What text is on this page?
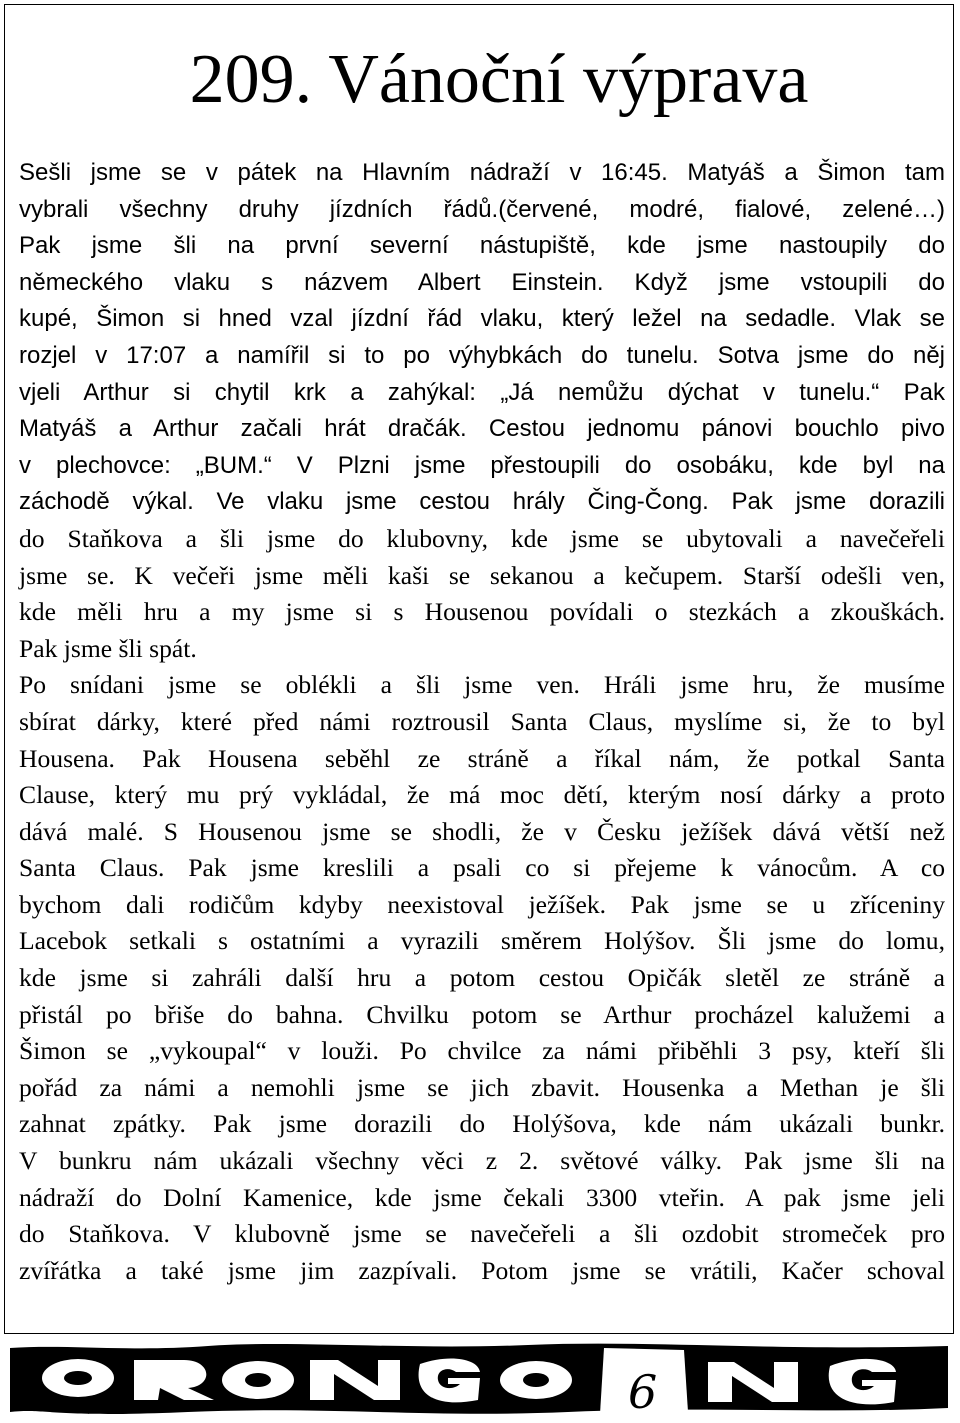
209. Vánoční výprava
Sešli jsme se v pátek na Hlavním nádraží v 16:45. Matyáš a Šimon tam
vybrali všechny druhy jízdních řádů.(červené, modré, fialové, zelené…)
Pak jsme šli na první severní nástupiště, kde jsme nastoupily do
německého vlaku s názvem Albert Einstein. Když jsme vstoupili do
kupé, Šimon si hned vzal jízdní řád vlaku, který ležel na sedadle. Vlak se
rozjel v 17:07 a namířil si to po výhybkách do tunelu. Sotva jsme do něj
vjeli Arthur si chytil krk a zahýkal: „Já nemůžu dýchat v tunelu.“ Pak
Matyáš a Arthur začali hrát dračák. Cestou jednomu pánovi bouchlo pivo
v plechovce: „BUM.“ V Plzni jsme přestoupili do osobáku, kde byl na
záchodě výkal. Ve vlaku jsme cestou hrály Čing-Čong. Pak jsme dorazili
do Staňkova a šli jsme do klubovny, kde jsme se ubytovali a navečeřeli
jsme se. K večeři jsme měli kaši se sekanou a kečupem. Starší odešli ven,
kde měli hru a my jsme si s Housenou povídali o stezkách a zkouškách.
Pak jsme šli spát.
Po snídani jsme se oblékli a šli jsme ven. Hráli jsme hru, že musíme
sbírat dárky, které před námi roztrousil Santa Claus, myslíme si, že to byl
Housena. Pak Housena seběhl ze stráně a říkal nám, že potkal Santa
Clause, který mu prý vykládal, že má moc dětí, kterým nosí dárky a proto
dává malé. S Housenou jsme se shodli, že v Česku ježíšek dává větší než
Santa Claus. Pak jsme kreslili a psali co si přejeme k vánocům. A co
bychom dali rodičům kdyby neexistoval ježíšek. Pak jsme se u zříceniny
Lacebok setkali s ostatními a vyrazili směrem Holýšov. Šli jsme do lomu,
kde jsme si zahráli další hru a potom cestou Opičák sletěl ze stráně a
přistál po břiše do bahna. Chvilku potom se Arthur procházel kalužemi a
Šimon se „vykoupal“ v louži. Po chvilce za námi přiběhli 3 psy, kteří šli
pořád za námi a nemohli jsme se jich zbavit. Housenka a Methan je šli
zahnat zpátky. Pak jsme dorazili do Holýšova, kde nám ukázali bunkr.
V bunkru nám ukázali všechny věci z 2. světové války. Pak jsme šli na
nádraží do Dolní Kamenice, kde jsme čekali 3300 vteřin. A pak jsme jeli
do Staňkova. V klubovně jsme se navečeřeli a šli ozdobit stromeček pro
zvířátka a také jsme jim zazpívali. Potom jsme se vrátili, Kačer schoval
6
